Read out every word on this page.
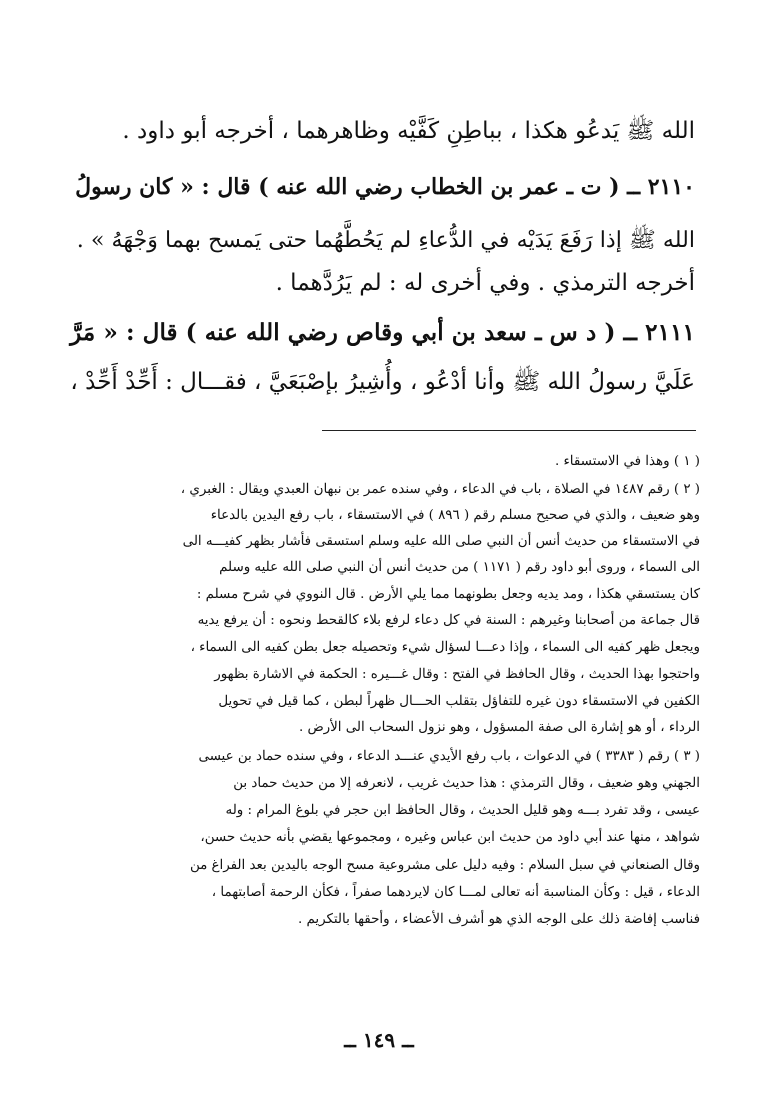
الله ﷺ يَدعُو هكذا ، بباطِنِ كَفَّيْه وظاهرهما ، أخرجه أبو داود .
٢١١٠ ــ ( ت ـ عمر بن الخطاب رضي الله عنه ) قال : « كان رسولُ
الله ﷺ إذا رَفَعَ يَدَيْه في الدُّعاءِ لم يَحُطَّهُما حتى يَمسح بهما وَجْهَهُ » .
أخرجه الترمذي . وفي أخرى له : لم يَرُدَّهما .
٢١١١ ــ ( د س ـ سعد بن أبي وقاص رضي الله عنه ) قال : « مَرَّ
عَلَيَّ رسولُ الله ﷺ وأنا أدْعُو ، وأُشِيرُ بإصْبَعَيَّ ، فقـــال : أَحِّدْ أَحِّدْ ،
( ١ ) وهذا في الاستسقاء .
( ٢ ) رقم ١٤٨٧ في الصلاة ، باب في الدعاء ، وفي سنده عمر بن نبهان العبدي ويقال : الغبري ،
وهو ضعيف ، والذي في صحيح مسلم رقم ( ٨٩٦ ) في الاستسقاء ، باب رفع اليدين بالدعاء
في الاستسقاء من حديث أنس أن النبي صلى الله عليه وسلم استسقى فأشار بظهر كفيـــه الى
الى السماء ، وروى أبو داود رقم ( ١١٧١ ) من حديث أنس أن النبي صلى الله عليه وسلم
كان يستسقي هكذا ، ومد يديه وجعل بطونهما مما يلي الأرض . قال النووي في شرح مسلم :
قال جماعة من أصحابنا وغيرهم : السنة في كل دعاء لرفع بلاء كالقحط ونحوه : أن يرفع يديه
ويجعل ظهر كفيه الى السماء ، وإذا دعـــا لسؤال شيء وتحصيله جعل بطن كفيه الى السماء ،
واحتجوا بهذا الحديث ، وقال الحافظ في الفتح : وقال غـــيره : الحكمة في الاشارة بظهور
الكفين في الاستسقاء دون غيره للتفاؤل بتقلب الحـــال ظهراً لبطن ، كما قيل في تحويل
الرداء ، أو هو إشارة الى صفة المسؤول ، وهو نزول السحاب الى الأرض .
( ٣ ) رقم ( ٣٣٨٣ ) في الدعوات ، باب رفع الأيدي عنـــد الدعاء ، وفي سنده حماد بن عيسى
الجهني وهو ضعيف ، وقال الترمذي : هذا حديث غريب ، لانعرفه إلا من حديث حماد بن
عيسى ، وقد تفرد بـــه وهو قليل الحديث ، وقال الحافظ ابن حجر في بلوغ المرام : وله
شواهد ، منها عند أبي داود من حديث ابن عباس وغيره ، ومجموعها يقضي بأنه حديث حسن،
وقال الصنعاني في سبل السلام : وفيه دليل على مشروعية مسح الوجه باليدين بعد الفراغ من
الدعاء ، قيل : وكأن المناسبة أنه تعالى لمـــا كان لايردهما صفراً ، فكأن الرحمة أصابتهما ،
فناسب إفاضة ذلك على الوجه الذي هو أشرف الأعضاء ، وأحقها بالتكريم .
ــ ١٤٩ ــ
